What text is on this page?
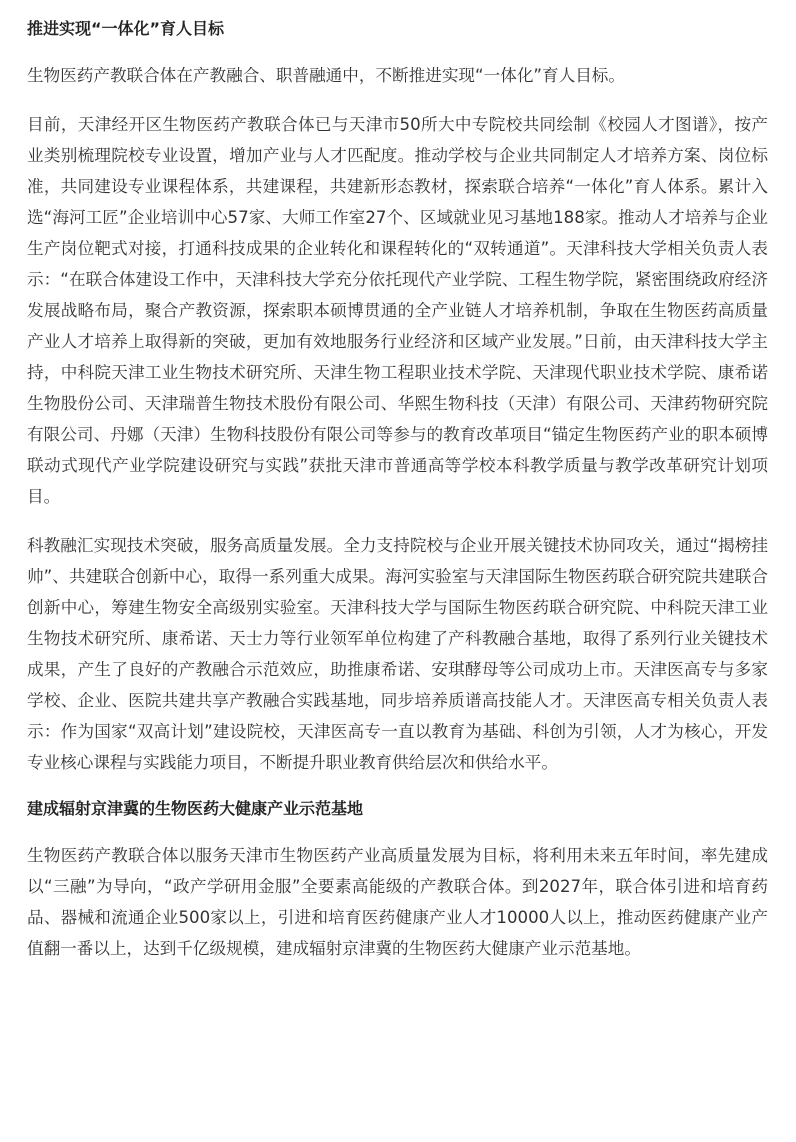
推进实现“一体化”育人目标

生物医药产教联合体在产教融合、职普融通中，不断推进实现“一体化”育人目标。

目前，天津经开区生物医药产教联合体已与天津市50所大中专院校共同绘制《校园人才图谱》，按产业类别梳理院校专业设置，增加产业与人才匹配度。推动学校与企业共同制定人才培养方案、岗位标准，共同建设专业课程体系，共建课程，共建新形态教材，探索联合培养“一体化”育人体系。累计入选“海河工匠”企业培训中心57家、大师工作室27个、区域就业见习基地188家。推动人才培养与企业生产岗位靶式对接，打通科技成果的企业转化和课程转化的“双转通道”。天津科技大学相关负责人表示：“在联合体建设工作中，天津科技大学充分依托现代产业学院、工程生物学院，紧密围绕政府经济发展战略布局，聚合产教资源，探索职本硕博贯通的全产业链人才培养机制，争取在生物医药高质量产业人才培养上取得新的突破，更加有效地服务行业经济和区域产业发展。”日前，由天津科技大学主持，中科院天津工业生物技术研究所、天津生物工程职业技术学院、天津现代职业技术学院、康希诺生物股份公司、天津瑞普生物技术股份有限公司、华熙生物科技（天津）有限公司、天津药物研究院有限公司、丹娜（天津）生物科技股份有限公司等参与的教育改革项目“锚定生物医药产业的职本硕博联动式现代产业学院建设研究与实践”获批天津市普通高等学校本科教学质量与教学改革研究计划项目。

科教融汇实现技术突破，服务高质量发展。全力支持院校与企业开展关键技术协同攻关，通过“揭榜挂帅”、共建联合创新中心，取得一系列重大成果。海河实验室与天津国际生物医药联合研究院共建联合创新中心，筹建生物安全高级别实验室。天津科技大学与国际生物医药联合研究院、中科院天津工业生物技术研究所、康希诺、天士力等行业领军单位构建了产科教融合基地，取得了系列行业关键技术成果，产生了良好的产教融合示范效应，助推康希诺、安琪酵母等公司成功上市。天津医高专与多家学校、企业、医院共建共享产教融合实践基地，同步培养质谱高技能人才。天津医高专相关负责人表示：作为国家“双高计划”建设院校，天津医高专一直以教育为基础、科创为引领，人才为核心，开发专业核心课程与实践能力项目，不断提升职业教育供给层次和供给水平。

建成辐射京津冀的生物医药大健康产业示范基地

生物医药产教联合体以服务天津市生物医药产业高质量发展为目标，将利用未来五年时间，率先建成以“三融”为导向，“政产学研用金服”全要素高能级的产教联合体。到2027年，联合体引进和培育药品、器械和流通企业500家以上，引进和培育医药健康产业人才10000人以上，推动医药健康产业产值翻一番以上，达到千亿级规模，建成辐射京津冀的生物医药大健康产业示范基地。
